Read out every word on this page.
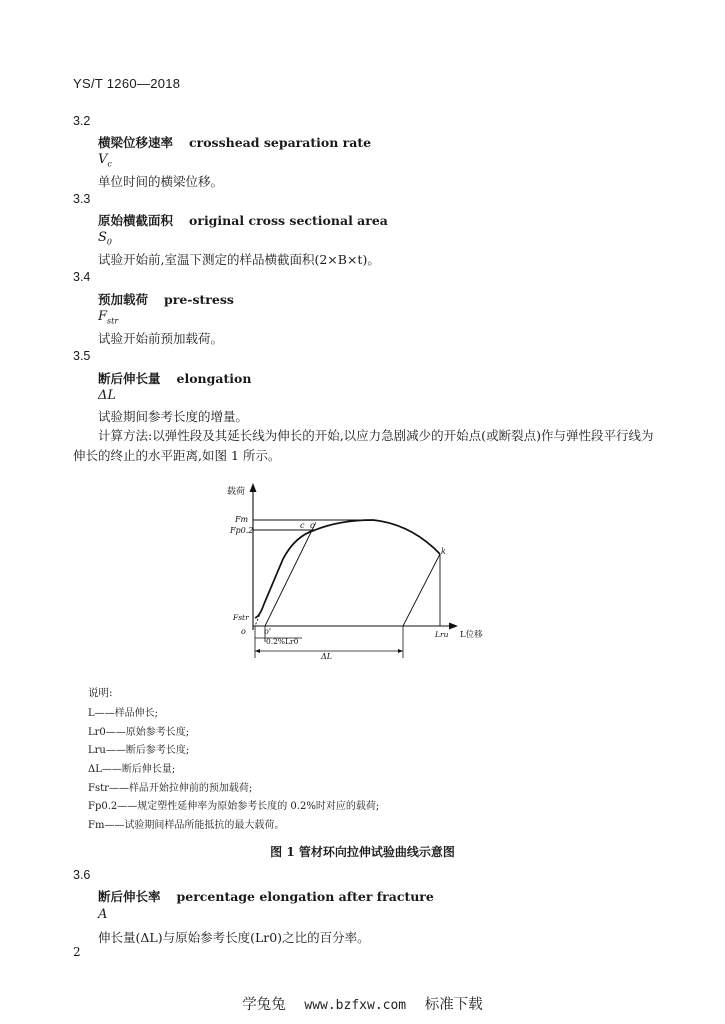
YS/T 1260—2018
3.2
横梁位移速率 crosshead separation rate
$V_c$
单位时间的横梁位移。
3.3
原始横截面积 original cross sectional area
$S_0$
试验开始前,室温下测定的样品横截面积(2×B×t)。
3.4
预加载荷 pre-stress
$F_{str}$
试验开始前预加载荷。
3.5
断后伸长量 elongation
ΔL
试验期间参考长度的增量。
计算方法:以弹性段及其延长线为伸长的开始,以应力急剧减少的开始点(或断裂点)作与弹性段平行线为伸长的终止的水平距离,如图 1 所示。
载荷
Fm
Fp0.2
Fstr
o o'
c c'
k
Lru L位移
0.2%Lr0
ΔL
说明:
L——样品伸长;
Lr0——原始参考长度;
Lru——断后参考长度;
ΔL——断后伸长量;
Fstr——样品开始拉伸前的预加载荷;
Fp0.2——规定塑性延伸率为原始参考长度的 0.2%时对应的载荷;
Fm——试验期间样品所能抵抗的最大载荷。
图 1 管材环向拉伸试验曲线示意图
3.6
断后伸长率 percentage elongation after fracture
A
伸长量(ΔL)与原始参考长度(Lr0)之比的百分率。
2
学兔兔 www.bzfxw.com 标准下载
